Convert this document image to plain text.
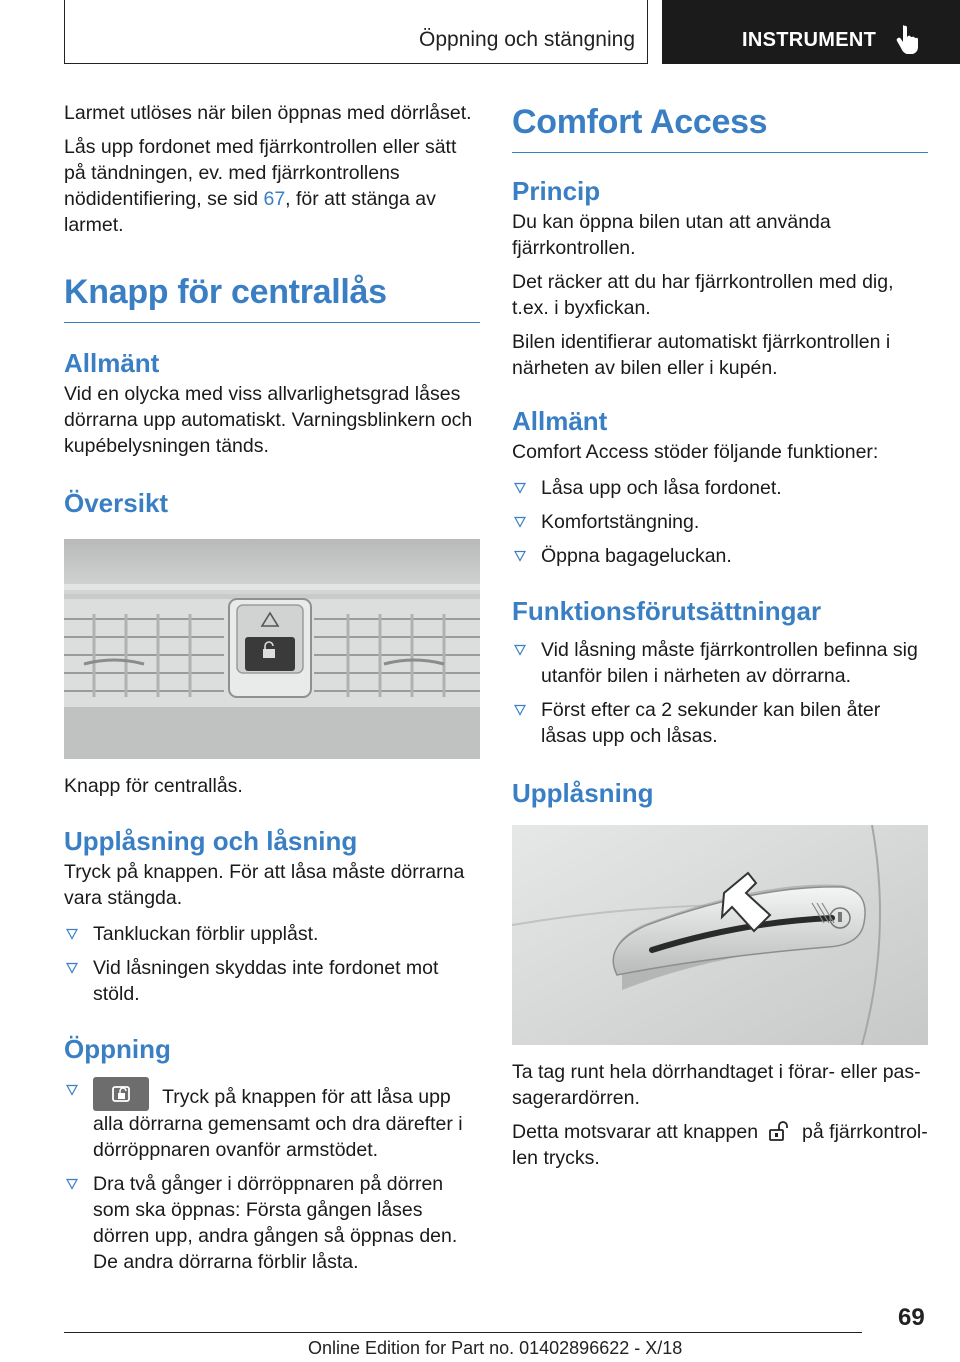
Öppning och stängning	INSTRUMENT

Larmet utlöses när bilen öppnas med dörrlåset.

Lås upp fordonet med fjärrkontrollen eller sätt på tändningen, ev. med fjärrkontrollens nödidentifiering, se sid 67, för att stänga av larmet.

Knapp för centrallås
Allmänt

Vid en olycka med viss allvarlighetsgrad låses dörrarna upp automatiskt. Varningsblinkern och kupébelysningen tänds.

Översikt

Knapp för centrallås.

Upplåsning och låsning

Tryck på knappen. För att låsa måste dörrarna vara stängda.

Tankluckan förblir upplåst.
Vid låsningen skyddas inte fordonet mot stöld.
Öppning
Tryck på knappen för att låsa upp alla dörrarna gemensamt och dra därefter i dörröppnaren ovanför armstödet.
Dra två gånger i dörröppnaren på dörren som ska öppnas: Första gången låses dörren upp, andra gången så öppnas den. De andra dörrarna förblir låsta.
Comfort Access
Princip

Du kan öppna bilen utan att använda fjärrkontrollen.

Det räcker att du har fjärrkontrollen med dig, t.ex. i byxfickan.

Bilen identifierar automatiskt fjärrkontrollen i närheten av bilen eller i kupén.

Allmänt

Comfort Access stöder följande funktioner:

Låsa upp och låsa fordonet.
Komfortstängning.
Öppna bagageluckan.
Funktionsförutsättningar
Vid låsning måste fjärrkontrollen befinna sig utanför bilen i närheten av dörrarna.
Först efter ca 2 sekunder kan bilen åter låsas upp och låsas.
Upplåsning

Ta tag runt hela dörrhandtaget i förar- eller passagerardörren.

Detta motsvarar att knappen på fjärrkontrollen trycks.

69
Online Edition for Part no. 01402896622 - X/18
